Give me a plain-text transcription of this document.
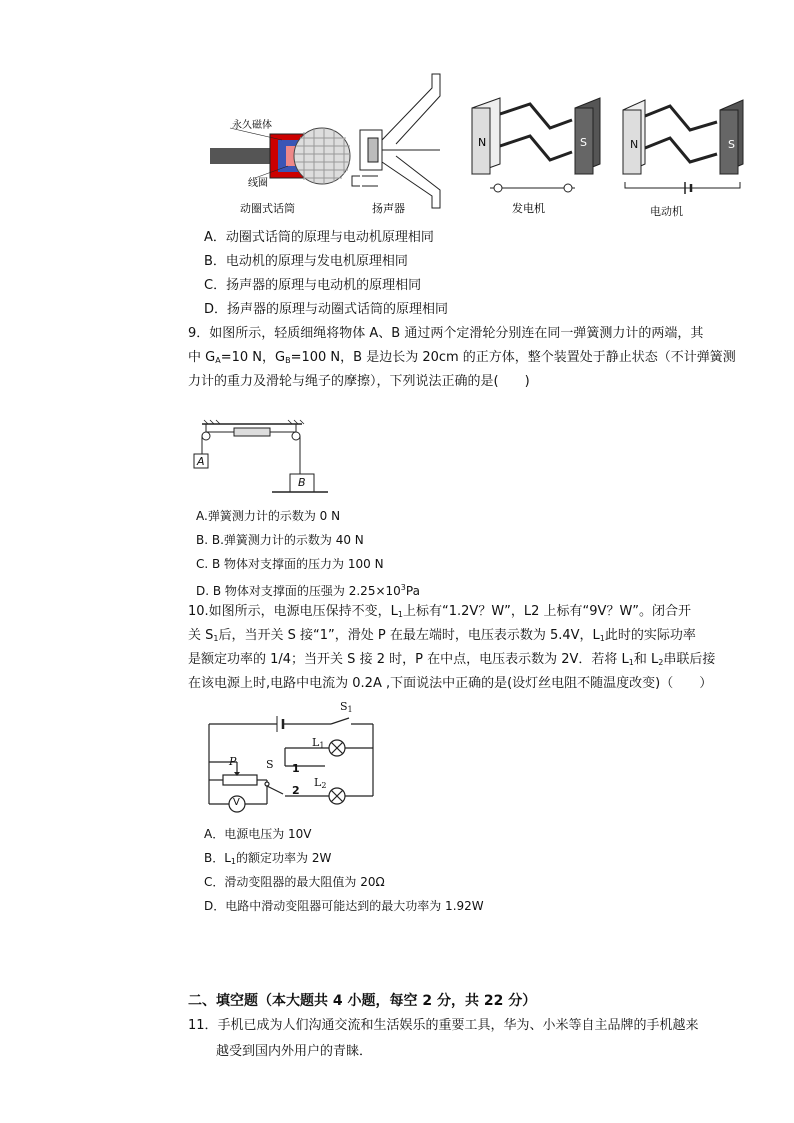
永久磁体
线圈
动圈式话筒	扬声器
N	S
发电机
N	S
电动机
A．动圈式话筒的原理与电动机原理相同
B．电动机的原理与发电机原理相同
C．扬声器的原理与电动机的原理相同
D．扬声器的原理与动圈式话筒的原理相同
9．如图所示，轻质细绳将物体 A、B 通过两个定滑轮分别连在同一弹簧测力计的两端，其
中 $G_A=10$ N，$G_B=100$ N，B 是边长为 20cm 的正方体，整个装置处于静止状态（不计弹簧测
力计的重力及滑轮与绳子的摩擦），下列说法正确的是(　　)
A
B
A.弹簧测力计的示数为 0 N
B. B.弹簧测力计的示数为 40 N
C. B 物体对支撑面的压力为 100 N
D. B 物体对支撑面的压强为 $2.25\times 10^3Pa$
10.如图所示，电源电压保持不变，$L_1$上标有“1.2V？W”，L2 上标有“9V？W”。闭合开
关 $S_1$后，当开关 S 接“1”，滑处 P 在最左端时，电压表示数为 5.4V，$L_1$此时的实际功率
是额定功率的 1/4；当开关 S 接 2 时，P 在中点，电压表示数为 2V．若将 $L_1$和 $L_2$串联后接
在该电源上时,电路中电流为 0.2A ,下面说法中正确的是(设灯丝电阻不随温度改变)（　　）
$S_1$
$L_1$
P	S 1
$L_2$
2
V
A．电源电压为 10V
B．$L_1$的额定功率为 2W
C．滑动变阻器的最大阻值为 20Ω
D．电路中滑动变阻器可能达到的最大功率为 1.92W
二、填空题（本大题共 4 小题，每空 2 分，共 22 分）
11．手机已成为人们沟通交流和生活娱乐的重要工具，华为、小米等自主品牌的手机越来
越受到国内外用户的青睐．
